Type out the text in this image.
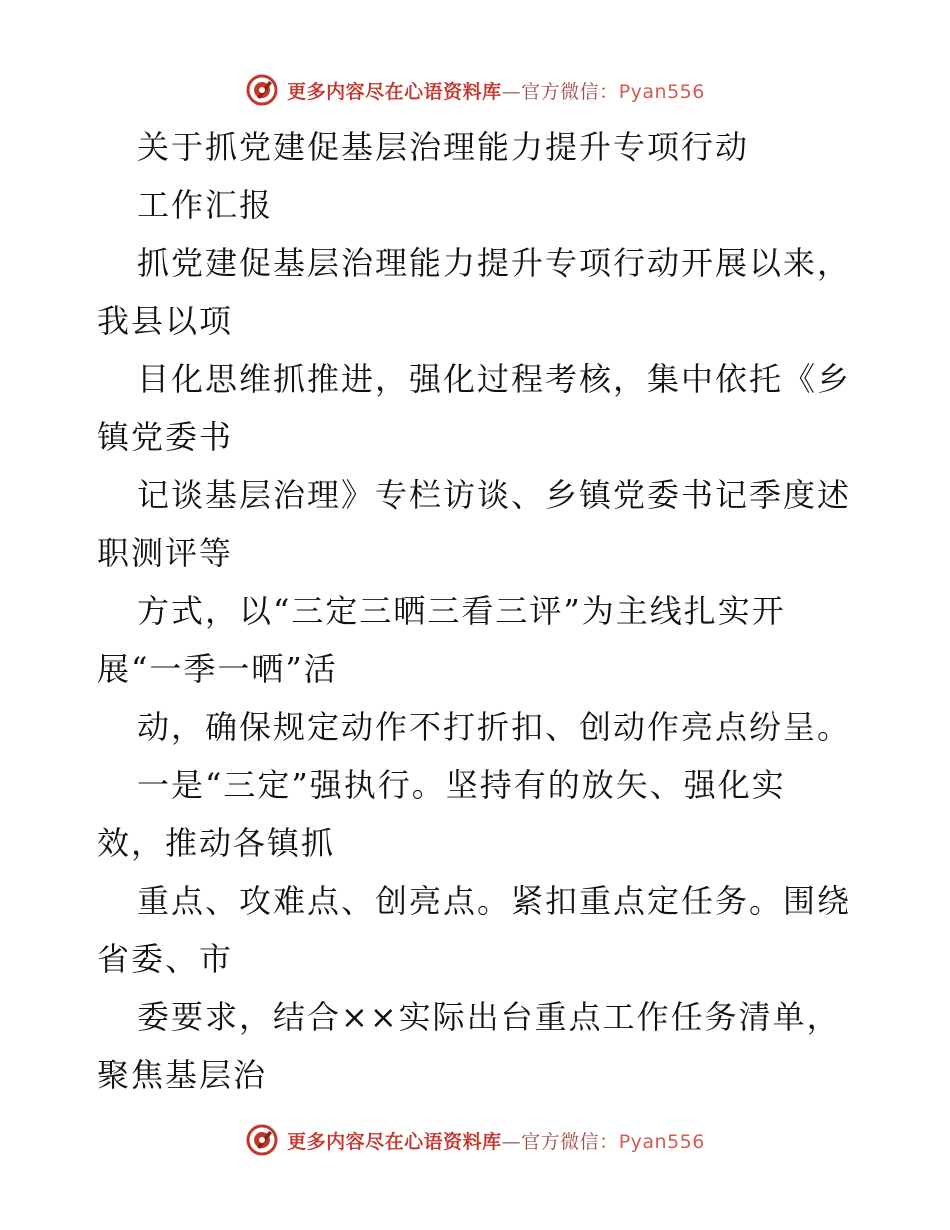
更多内容尽在心语资料库—官方微信：Pyan556
关于抓党建促基层治理能力提升专项行动
工作汇报
抓党建促基层治理能力提升专项行动开展以来，
我县以项
目化思维抓推进，强化过程考核，集中依托《乡
镇党委书
记谈基层治理》专栏访谈、乡镇党委书记季度述
职测评等
方式，以“三定三晒三看三评”为主线扎实开
展“一季一晒”活
动，确保规定动作不打折扣、创动作亮点纷呈。
一是“三定”强执行。坚持有的放矢、强化实
效，推动各镇抓
重点、攻难点、创亮点。紧扣重点定任务。围绕
省委、市
委要求，结合××实际出台重点工作任务清单，
聚焦基层治
更多内容尽在心语资料库—官方微信：Pyan556
